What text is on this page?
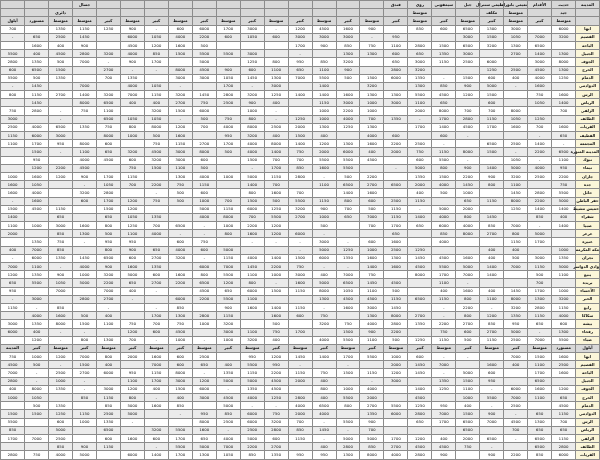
المدينة	حديث	الأقدام	نعيمي بانوراما	نعيمي سنترال	جبل	سيمفوني	روي	فندق													جسال			
	جيد		متوسط	مكلف			متوسط															دائري		
	متوسط	كبير	متوسط	كبير	متوسط	كبير	متوسط	كبير	متوسط	كبير	متوسط	كبير	متوسط	كبير	متوسط	كبير	متوسط	كبير	متوسط	كبير	متوسط	متوسط	مستورد	أيلول
ابها	6000		3000	1300	6500	600	850		900	1600	4500	1200	-	3000	1700	6000	600	-	900	1250	1150	1350		700
القصيم	3200	7000	1050	1500	3000			950	-	3000	3000	3000	600	1050	600	2200	4000	1050	6000		1450	2500	650	-
الباحة		6500	1300	3200	6500	1500	2800	1100	750	850	900	1700				500	1600	1200	4500		900	400	1600	
الجبيل	1300	1400	2700		3000	1350	650	600	1300	1300		-		3000	5500	5500	1500	850	4000	3200	2800	4500	400	5500
الجوف	8000	3000		6000	2500	1150	3000	650		3200	850	950	800	1250		5000		1700	900	-	7000	500	1350	2800
الخرج	1300	4500	2500	1250			3200	2800		900	1100	650	1100	600	900	4500	8000	-	-	2700		1500	6500	600
الدمام	1250	4000	400	600	1500	-	1350	6000	1500	500	5500	7000	1300	1450	1050	3000	3000		1350	700		1350	500	5500
الدوادمي		1600	-	5000	900	850	1300		3200		1400		3000	-	1700		-	1050	4000		7000		1450	-
الرس	1600	750		1500	1200	4500	5500	1300	1300	1600	1400	1400	1250	3200	2800	1450	3200	1150	7000	3200	1400	2700	1150	800
الرياض	1400	1050		600		650	1100	3000	1000	3000	1150		400	900	2500	750	2700	400	400	6500	8000		1450	
الزلفي	700		8000	700	700	8000	2000		1000	2200	1000		-	1000		6000	1500	3200		1100	750	-	2800	750
الطائف		1250	1050	1150	2800	1700	-	1350	700	4000	1000	1250	-	800	750	500	-	1050	1050	6500		-		3000
القريات	1600	700	1600	1700	4500	1400	1700		1300	1250	1300	2000	2500	8000	4000	700	1200	8000	800	750	1350	6500	4000	2500
القطيف	650	-			-	600		600	4000		400	1500	400	3200	950		1600	500	1000	8000		3000	6000	1150
المجمعة	-	1400	2500	6500		-	2500	2200	1600	1300	1200	1400	8000	4000	1700	2700	1150	750		600	8000	950	1700	1100
المدينة المنورة	6500	2200	-	1500	8000	1150	750	2000	400	6000	2000	750	1400	4000	500	8000	3000	4500	3200	650	1100	-	1500	
تبوك	1100	-	1050		-	5500	600		4500	5500	5500	700	700	1500		600	3000	3200	600	4500	4000		950	
تيماء	950	4000	5000	1400	900	800	5000	-		5500	1600	850	1700	-		500	1100	1500	750		4500	2200	1200	
جازان	2200	2500	3200	900	2200	1500	1350		2200	500	-	2800	1150	5000	1000	4000	1300		1150	1700	900	1200	1600	1000
جدة	750		1100	800	1450	4000	2000	6500	2700	6500	1100		700	1400		1150	750	2200	700	1050	-		1050	1600
حائل	5500	2800	1450		1000	500	400		1600	1400		700	1600	800		600	500	-		2800	3200		4000	1600
حفر الباطن	5000	2200	8000	1150	650		1150	2500	600	800	1150	5500	500	1500	700	1000	500	750	1200	1700	600		1600	-
خميس مشيط	1400	1400	1250		2000	5000	-	1150	500	700	900	3200	1250	6000	1150	5000			1200	1500		1150	4500	1500
شقراء	400	850		1450	800	4000	1400	1150	7000	650	1000	2700	5500	700	8000	4000		1350	1050	650		650		1400
صبيا	1400	-	7000	850	4000	6000	650	1700	700		500		1200	2200	1000	-	6500	700	1250	800	1600	3000	1000	1100
عرعر		5000	800	2700	8000	850		650			-	6000	1200	1600	800	-	-	4000	1100	500	1300	850		2000
عنيزة		1700	1150			4000		1600	600	-	3000	-	-	-		750	600		950	950	-	750	1350	
مكة المكرمة	1000		400	400			1250	2500	1000	1250	5000	-			5000	600	4000	650	900	800		850	7000	400
نجران	1350	3000	500	400	1600	4500	1450	1300	1600	1350	6000	1500	1400	4000	1150	-	3200	2700	600	6500	1450	1350	6000	-
وادي الدواسر	5000	1150	7000	1400	5000	5500	4500	1600	1400	-	-	750	2200	1450	7000	6000		1350	1600	900	4000	-	1100	7000
ينبع	1100	500		1400	7000	1700	8000		750	7000	400	3000	1000	1100	5500	800	1600	600	5000	3200	1000	900	1350	1200
بريدة		700			-	1100		4500	1450	6500	5000	1600	-	800	1200	6500	2200	2700	650	2200	5000	1050	5500	650
الأحساء	1000	1700	1450	400	1600	400		500	1100	1050	8000	1150	1500	6000	650	4500		-	400	7000		7000		950
الخبر	3200	1300	8000	1100	800	1150	6500	1150	4500	4500	1300			1100	5500	2200	6000		-	2700	2800		3000	-
رابغ	1150	2800	3200	-	2200	-		1450	3000	1600	-	1150	1400	1600	900		850	-		-		850	-	1150
سكاكا	4000	1150	1350	1200	800	-	2700	8000	1300		750	600	1600		1150	2800	1300	1700		400	500	1600	4000	
بيشة	600	650	950	850	2700	2200	1350	2800	4000	750	3200		500		3200	1000	750	700	750	1100	1500	8000	1350	3000
رفحاء	1300	-	5000	2700	600	750		2200	900	1500		1700	750	1100	3000		4500	600	1200		-	-	400	6000
ضباء	5500	7000	2500	1150	500	1150	1250	500	1100	5500	4000		400	3200	1000	-	1000	-	700	1300	800	-	1200	
أيلول	مستورد	متوسط	كبير	متوسط	كبير	متوسط	كبير	متوسط	كبير	متوسط	كبير	متوسط	كبير	متوسط	كبير	متوسط	كبير	متوسط	كبير	متوسط	كبير	متوسط	كبير	المدينة
ابها	1600	1500	7000		-	-	600	1000	5500	1700	1400	1450	1200	950		2500	600	1600	2000	800	7000	1200	1000	750
القصيم	2500	1100	400	1600		7000	1450	2000		-		-	950	5500	400	650	600	7000		400	1500	-	500	4500
الباحة	1600	1700		600	5000	-	1450	1200	1150	1500	750	1150	2200	1150	1350	-	8000	1150	950	6000	2700	2500	-	7000
الجبيل		6500		950	1500	1350		3000	-		400	2000	4500	5000	5000	1200	3000	1700	1100		-	1000	-	2800
الجوف	1200	1600	6000	-	1100	1250	1400		4000	1000	800		4500	1350	-	6000	1500	400	1200	3000	-	1350	8000	400
الخرج	650	1100	7000	5500	1000		4500		2000	5500	400	2800	1250	4000	4500	3000	400	-	800	1150	850		1050	1000
الدمام	4500		2500	-	400	950	1250	5500	2700	800	6500	4000	-	-	5000		850	1600	5000	850		1350	500	
الدوادمي	1150	650	-	900	1500	7000	2800	6000	1350		4000	2000	750	6000	850	950	-		5000	2500	1150	1250	1500	1500
الرس	700	1300	4500	7000	6500	1700	650		900	5500	-	700	3200	6000	2500	8000			-	1350	1000	600		5500
الرياض	650	650	700		6500				700	-	1450	850	2800	2500	-	1600	5500	3200		6500		5000		850
الزلفي	1150	6500	-	6500	2000	400	1200	1700	5000	5000	-	1150	600	5000	4000	650	1700	600	1600	600		2500	7000	1700
الطائف	2800	6500		-	750	4500	4500	2700	850	2800	400		2700	2200	7000	5000	5500	-		1150	900	850		
القريات	6000	850	2200	900		900	2800	4000	8000	1300	950	950	1350	850	1050	1300	1700	1400	6000		5000	4000	750	2800
